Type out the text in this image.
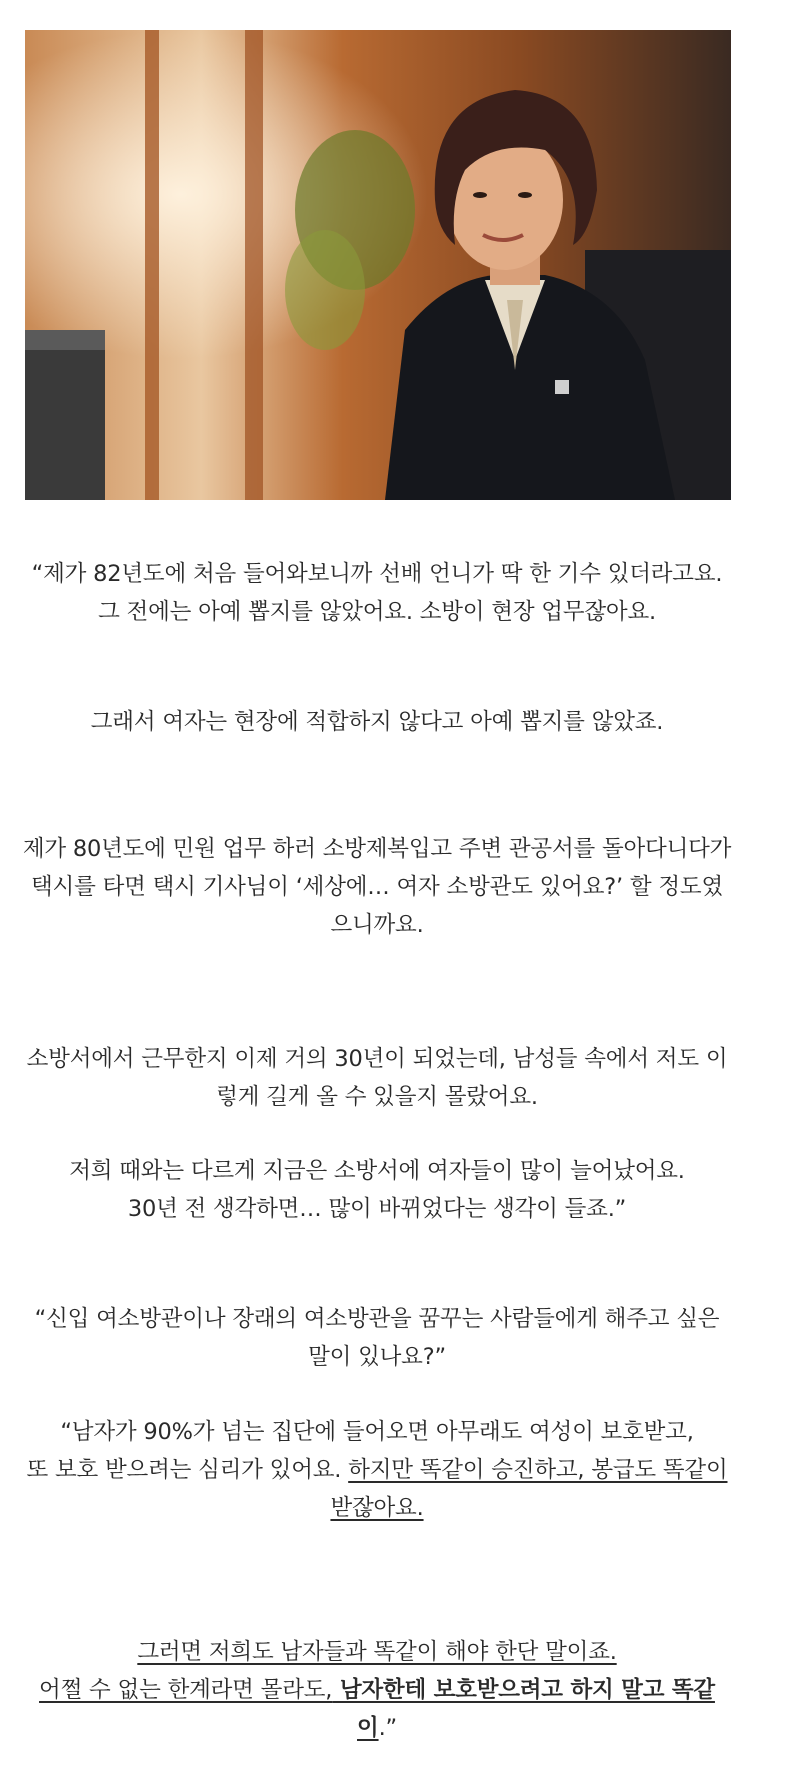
“제가 82년도에 처음 들어와보니까 선배 언니가 딱 한 기수 있더라고요.

그 전에는 아예 뽑지를 않았어요. 소방이 현장 업무잖아요.

그래서 여자는 현장에 적합하지 않다고 아예 뽑지를 않았죠.

제가 80년도에 민원 업무 하러 소방제복입고 주변 관공서를 돌아다니다가

택시를 타면 택시 기사님이 ‘세상에… 여자 소방관도 있어요?’ 할 정도였으니까요.

소방서에서 근무한지 이제 거의 30년이 되었는데, 남성들 속에서 저도 이렇게 길게 올 수 있을지 몰랐어요.

저희 때와는 다르게 지금은 소방서에 여자들이 많이 늘어났어요.

30년 전 생각하면… 많이 바뀌었다는 생각이 들죠.”

“신입 여소방관이나 장래의 여소방관을 꿈꾸는 사람들에게 해주고 싶은 말이 있나요?”

“남자가 90%가 넘는 집단에 들어오면 아무래도 여성이 보호받고,

또 보호 받으려는 심리가 있어요. 하지만 똑같이 승진하고, 봉급도 똑같이 받잖아요.

그러면 저희도 남자들과 똑같이 해야 한단 말이죠.

어쩔 수 없는 한계라면 몰라도, 남자한테 보호받으려고 하지 말고 똑같이.”
